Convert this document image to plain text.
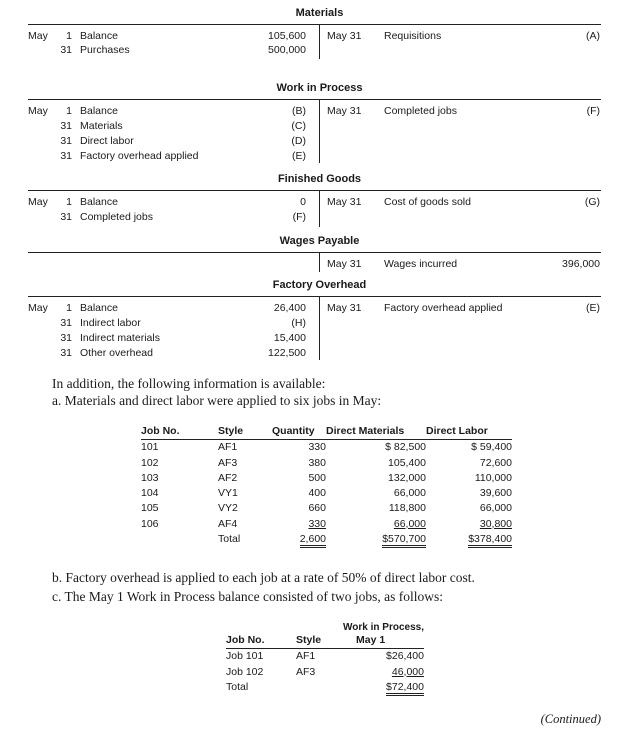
Materials
May	1 Balance	105,600
31 Purchases	500,000
May 31	Requisitions	(A)
Work in Process
May	1 Balance	(B)
31 Materials	(C)
31 Direct labor	(D)
31 Factory overhead applied	(E)
May 31	Completed jobs	(F)
Finished Goods
May	1 Balance	0
31 Completed jobs	(F)
May 31	Cost of goods sold	(G)
Wages Payable
May 31	Wages incurred	396,000
Factory Overhead
May	1 Balance	26,400
31 Indirect labor	(H)
31 Indirect materials	15,400
31 Other overhead	122,500
May 31	Factory overhead applied	(E)
In addition, the following information is available:
a. Materials and direct labor were applied to six jobs in May:
Job No.	Style	Quantity	Direct Materials	Direct Labor
101	AF1	330	$ 82,500	$ 59,400
102	AF3	380	105,400	72,600
103	AF2	500	132,000	110,000
104	VY1	400	66,000	39,600
105	VY2	660	118,800	66,000
106	AF4	330	66,000	30,800
	Total	2,600	$570,700	$378,400
b. Factory overhead is applied to each job at a rate of 50% of direct labor cost.
c. The May 1 Work in Process balance consisted of two jobs, as follows:
Work in Process,
Job No.	Style	May 1
Job 101	AF1	$26,400
Job 102	AF3	46,000
Total		$72,400
(Continued)
